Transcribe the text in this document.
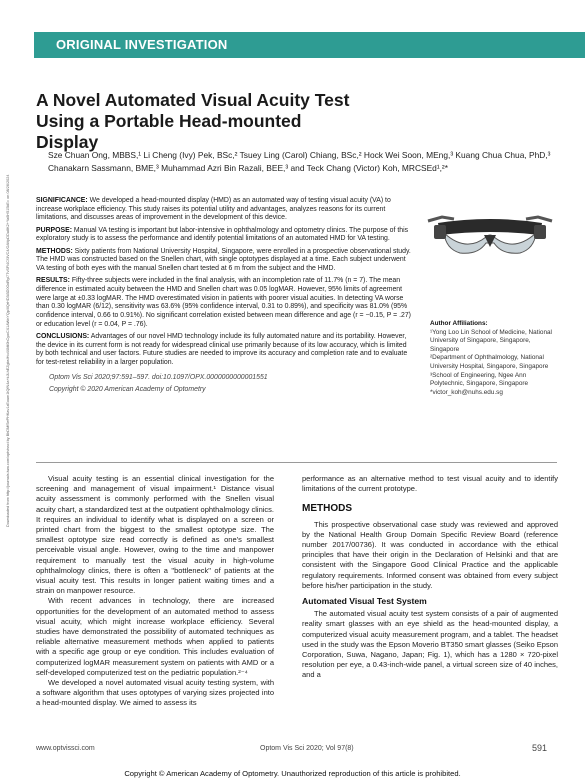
ORIGINAL INVESTIGATION
A Novel Automated Visual Acuity Test Using a Portable Head-mounted Display
Sze Chuan Ong, MBBS,¹ Li Cheng (Ivy) Pek, BSc,² Tsuey Ling (Carol) Chiang, BSc,² Hock Wei Soon, MEng,³ Kuang Chua Chua, PhD,³ Chanakarn Sassmann, BME,³ Muhammad Azri Bin Razali, BEE,³ and Teck Chang (Victor) Koh, MRCSEd¹,²*
Downloaded from http://journals.lww.com/optvissci by BhDMf5ePHKav1zEoum1tQfN4a+kJLhEZgbsIHo4XMi0hCywCX1AWnYQp/IlQrHD3i3D0OdRyi7TvSFl4Cf3VC4/OAVpDDa8K2+Ya6H515kE= on 08/26/2024	SIGNIFICANCE: We developed a head-mounted display (HMD) as an automated way of testing visual acuity (VA) to increase workplace efficiency. This study raises its potential utility and advantages, analyzes reasons for its current limitations, and discusses areas of improvement in the development of this device.

PURPOSE: Manual VA testing is important but labor-intensive in ophthalmology and optometry clinics. The purpose of this exploratory study is to assess the performance and identify potential limitations of an automated HMD for VA testing.

METHODS: Sixty patients from National University Hospital, Singapore, were enrolled in a prospective observational study. The HMD was constructed based on the Snellen chart, with single optotypes displayed at a time. Each subject underwent VA testing of both eyes with the manual Snellen chart tested at 6 m from the subject and the HMD.

RESULTS: Fifty-three subjects were included in the final analysis, with an incompletion rate of 11.7% (n = 7). The mean difference in estimated acuity between the HMD and Snellen chart was 0.05 logMAR. However, 95% limits of agreement were large at ±0.33 logMAR. The HMD overestimated vision in patients with poorer visual acuities. In detecting VA worse than 0.30 logMAR (6/12), sensitivity was 63.6% (95% confidence interval, 0.31 to 0.89%), and specificity was 81.0% (95% confidence interval, 0.66 to 0.91%). No significant correlation existed between mean difference and age (r = −0.15, P = .27) or education level (r = 0.04, P = .76).

CONCLUSIONS: Advantages of our novel HMD technology include its fully automated nature and its portability. However, the device in its current form is not ready for widespread clinical use primarily because of its low accuracy, which is limited by both technical and user factors. Future studies are needed to improve its accuracy and completion rate and to evaluate for test-retest reliability in a larger population.

Optom Vis Sci 2020;97:591–597. doi:10.1097/OPX.0000000000001551

Copyright © 2020 American Academy of Optometry

Author Affiliations:
¹Yong Loo Lin School of Medicine, National University of Singapore, Singapore, Singapore
²Department of Ophthalmology, National University Hospital, Singapore, Singapore
³School of Engineering, Ngee Ann Polytechnic, Singapore, Singapore
*victor_koh@nuhs.edu.sg

Visual acuity testing is an essential clinical investigation for the screening and management of visual impairment.¹ Distance visual acuity assessment is commonly performed with the Snellen visual acuity chart, a standardized test at the outpatient ophthalmology clinics. It requires an individual to identify what is displayed on a screen or printed chart from the biggest to the smallest optotype size. The smallest optotype size read correctly is defined as one's smallest perceivable visual angle. However, owing to the time and manpower requirement to manually test the visual acuity in high-volume ophthalmology clinics, there is often a "bottleneck" of patients at the visual acuity test. This results in longer patient waiting times and a strain on manpower resource.

With recent advances in technology, there are increased opportunities for the development of an automated method to assess visual acuity, which might increase workplace efficiency. Several studies have demonstrated the possibility of automated techniques as reliable alternative measurement methods when applied to patients with a specific age group or eye condition. This includes evaluation of computerized logMAR measurement system on patients with AMD or a self-developed computerized test on the pediatric population.²⁻⁴

We developed a novel automated visual acuity testing system, with a software algorithm that uses optotypes of varying sizes projected into a head-mounted display. We aimed to assess its

performance as an alternative method to test visual acuity and to identify limitations of the current prototype.

METHODS

This prospective observational case study was reviewed and approved by the National Health Group Domain Specific Review Board (reference number 2017/00736). It was conducted in accordance with the ethical principles that have their origin in the Declaration of Helsinki and that are consistent with the Singapore Good Clinical Practice and the applicable regulatory requirements. Informed consent was obtained from every subject before his/her participation in the study.

Automated Visual Test System

The automated visual acuity test system consists of a pair of augmented reality smart glasses with an eye shield as the head-mounted display, a computerized visual acuity measurement program, and a tablet. The headset used in the study was the Epson Moverio BT350 smart glasses (Seiko Epson Corporation, Suwa, Nagano, Japan; Fig. 1), which has a 1280 × 720-pixel resolution per eye, a 0.43-inch-wide panel, a virtual screen size of 40 inches, and a

www.optvissci.com	Optom Vis Sci 2020; Vol 97(8)	591
Copyright © American Academy of Optometry. Unauthorized reproduction of this article is prohibited.
